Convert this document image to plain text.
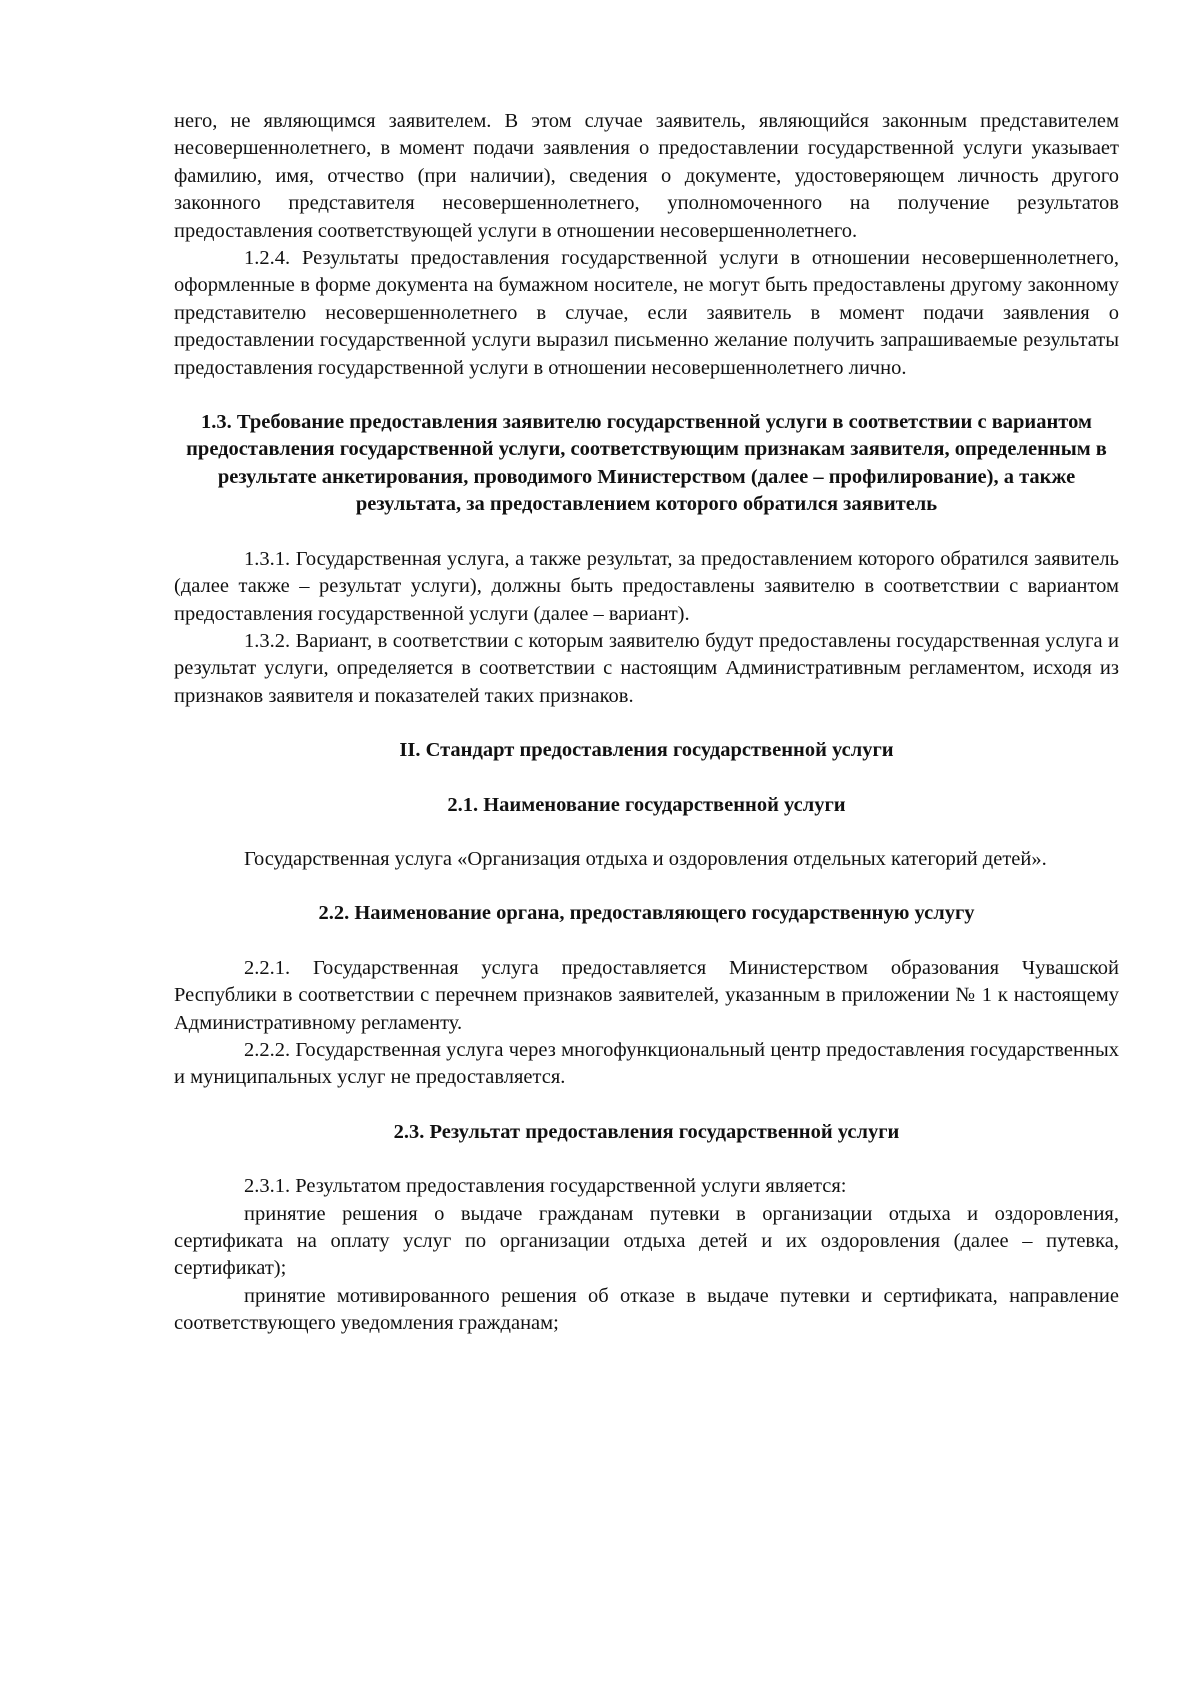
него, не являющимся заявителем. В этом случае заявитель, являющийся законным представителем несовершеннолетнего, в момент подачи заявления о предоставлении государственной услуги указывает фамилию, имя, отчество (при наличии), сведения о документе, удостоверяющем личность другого законного представителя несовершеннолетнего, уполномоченного на получение результатов предоставления соответствующей услуги в отношении несовершеннолетнего.

1.2.4. Результаты предоставления государственной услуги в отношении несовершеннолетнего, оформленные в форме документа на бумажном носителе, не могут быть предоставлены другому законному представителю несовершеннолетнего в случае, если заявитель в момент подачи заявления о предоставлении государственной услуги выразил письменно желание получить запрашиваемые результаты предоставления государственной услуги в отношении несовершеннолетнего лично.

1.3. Требование предоставления заявителю государственной услуги в соответствии с вариантом предоставления государственной услуги, соответствующим признакам заявителя, определенным в результате анкетирования, проводимого Министерством (далее – профилирование), а также результата, за предоставлением которого обратился заявитель

1.3.1. Государственная услуга, а также результат, за предоставлением которого обратился заявитель (далее также – результат услуги), должны быть предоставлены заявителю в соответствии с вариантом предоставления государственной услуги (далее – вариант).

1.3.2. Вариант, в соответствии с которым заявителю будут предоставлены государственная услуга и результат услуги, определяется в соответствии с настоящим Административным регламентом, исходя из признаков заявителя и показателей таких признаков.

II. Стандарт предоставления государственной услуги

2.1. Наименование государственной услуги

Государственная услуга «Организация отдыха и оздоровления отдельных категорий детей».

2.2. Наименование органа, предоставляющего государственную услугу

2.2.1. Государственная услуга предоставляется Министерством образования Чувашской Республики в соответствии с перечнем признаков заявителей, указанным в приложении № 1 к настоящему Административному регламенту.

2.2.2. Государственная услуга через многофункциональный центр предоставления государственных и муниципальных услуг не предоставляется.

2.3. Результат предоставления государственной услуги

2.3.1. Результатом предоставления государственной услуги является:

принятие решения о выдаче гражданам путевки в организации отдыха и оздоровления, сертификата на оплату услуг по организации отдыха детей и их оздоровления (далее – путевка, сертификат);

принятие мотивированного решения об отказе в выдаче путевки и сертификата, направление соответствующего уведомления гражданам;
